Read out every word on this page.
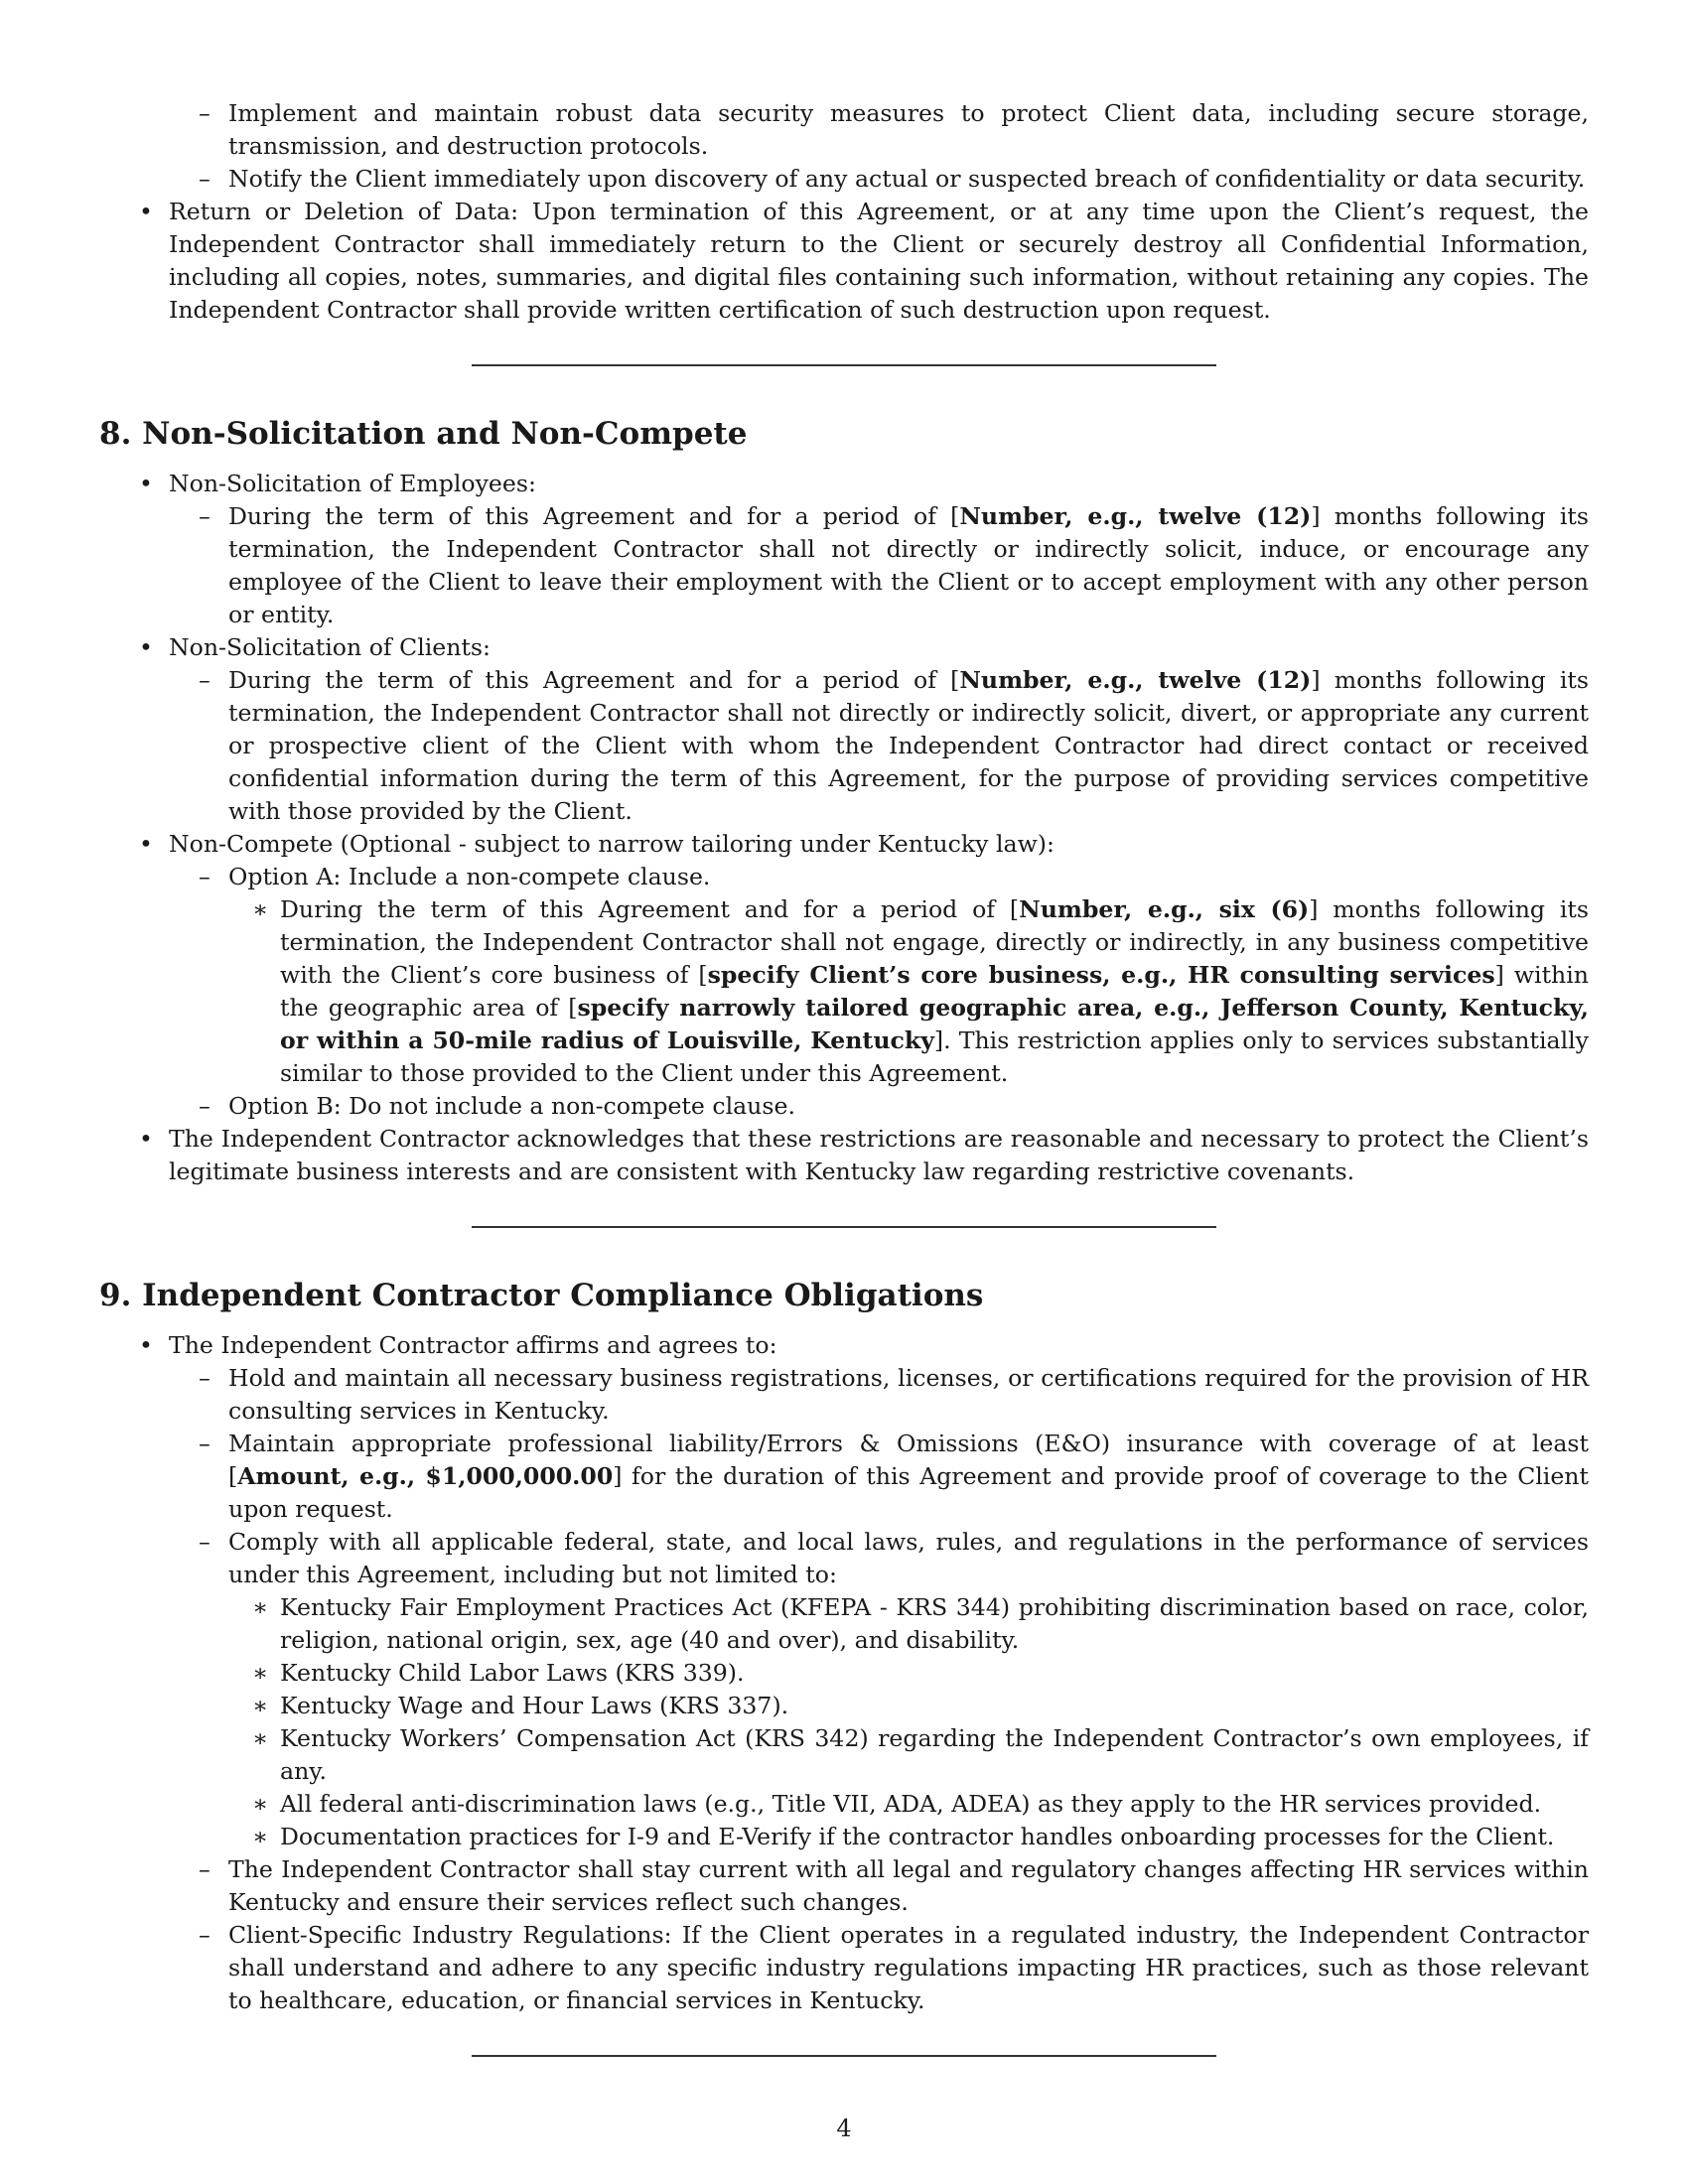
– Implement and maintain robust data security measures to protect Client data, including secure storage, transmission, and destruction protocols.
– Notify the Client immediately upon discovery of any actual or suspected breach of confidentiality or data security.
• Return or Deletion of Data: Upon termination of this Agreement, or at any time upon the Client’s request, the Independent Contractor shall immediately return to the Client or securely destroy all Confidential Information, including all copies, notes, summaries, and digital files containing such information, without retaining any copies. The Independent Contractor shall provide written certification of such destruction upon request.
8. Non-Solicitation and Non-Compete
• Non-Solicitation of Employees:
– During the term of this Agreement and for a period of [Number, e.g., twelve (12)] months following its termination, the Independent Contractor shall not directly or indirectly solicit, induce, or encourage any employee of the Client to leave their employment with the Client or to accept employment with any other person or entity.
• Non-Solicitation of Clients:
– During the term of this Agreement and for a period of [Number, e.g., twelve (12)] months following its termination, the Independent Contractor shall not directly or indirectly solicit, divert, or appropriate any current or prospective client of the Client with whom the Independent Contractor had direct contact or received confidential information during the term of this Agreement, for the purpose of providing services competitive with those provided by the Client.
• Non-Compete (Optional - subject to narrow tailoring under Kentucky law):
– Option A: Include a non-compete clause.
∗ During the term of this Agreement and for a period of [Number, e.g., six (6)] months following its termination, the Independent Contractor shall not engage, directly or indirectly, in any business competitive with the Client’s core business of [specify Client’s core business, e.g., HR consulting services] within the geographic area of [specify narrowly tailored geographic area, e.g., Jefferson County, Kentucky, or within a 50-mile radius of Louisville, Kentucky]. This restriction applies only to services substantially similar to those provided to the Client under this Agreement.
– Option B: Do not include a non-compete clause.
• The Independent Contractor acknowledges that these restrictions are reasonable and necessary to protect the Client’s legitimate business interests and are consistent with Kentucky law regarding restrictive covenants.
9. Independent Contractor Compliance Obligations
• The Independent Contractor affirms and agrees to:
– Hold and maintain all necessary business registrations, licenses, or certifications required for the provision of HR consulting services in Kentucky.
– Maintain appropriate professional liability/Errors & Omissions (E&O) insurance with coverage of at least [Amount, e.g., $1,000,000.00] for the duration of this Agreement and provide proof of coverage to the Client upon request.
– Comply with all applicable federal, state, and local laws, rules, and regulations in the performance of services under this Agreement, including but not limited to:
∗ Kentucky Fair Employment Practices Act (KFEPA - KRS 344) prohibiting discrimination based on race, color, religion, national origin, sex, age (40 and over), and disability.
∗ Kentucky Child Labor Laws (KRS 339).
∗ Kentucky Wage and Hour Laws (KRS 337).
∗ Kentucky Workers’ Compensation Act (KRS 342) regarding the Independent Contractor’s own employees, if any.
∗ All federal anti-discrimination laws (e.g., Title VII, ADA, ADEA) as they apply to the HR services provided.
∗ Documentation practices for I-9 and E-Verify if the contractor handles onboarding processes for the Client.
– The Independent Contractor shall stay current with all legal and regulatory changes affecting HR services within Kentucky and ensure their services reflect such changes.
– Client-Specific Industry Regulations: If the Client operates in a regulated industry, the Independent Contractor shall understand and adhere to any specific industry regulations impacting HR practices, such as those relevant to healthcare, education, or financial services in Kentucky.
4
